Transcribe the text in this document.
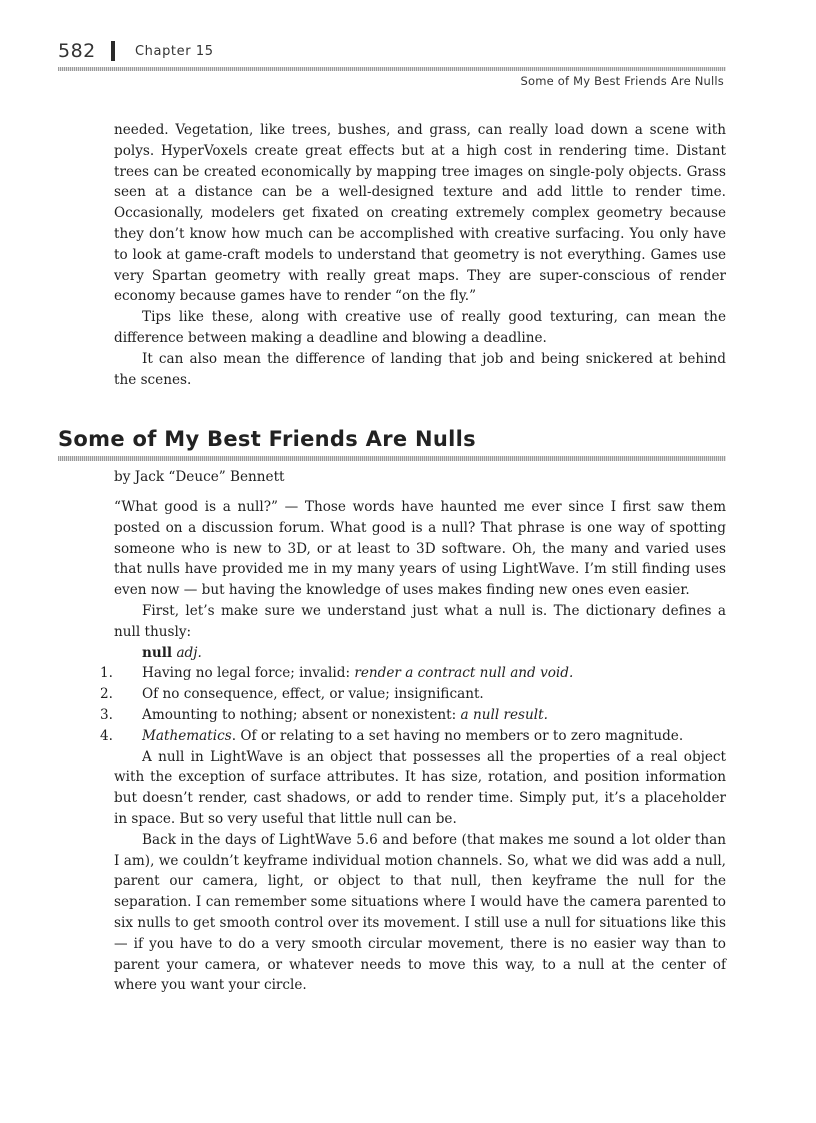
582	Chapter 15
Some of My Best Friends Are Nulls

needed. Vegetation, like trees, bushes, and grass, can really load down a scene with polys. HyperVoxels create great effects but at a high cost in rendering time. Distant trees can be created economically by mapping tree images on single-poly objects. Grass seen at a distance can be a well-designed texture and add little to render time. Occasionally, modelers get fixated on creating extremely complex geometry because they don’t know how much can be accomplished with creative surfacing. You only have to look at game-craft models to understand that geometry is not everything. Games use very Spartan geometry with really great maps. They are super-conscious of render economy because games have to render “on the fly.”

Tips like these, along with creative use of really good texturing, can mean the difference between making a deadline and blowing a deadline.

It can also mean the difference of landing that job and being snickered at behind the scenes.

Some of My Best Friends Are Nulls

by Jack “Deuce” Bennett

“What good is a null?” — Those words have haunted me ever since I first saw them posted on a discussion forum. What good is a null? That phrase is one way of spotting someone who is new to 3D, or at least to 3D software. Oh, the many and varied uses that nulls have provided me in my many years of using LightWave. I’m still finding uses even now — but having the knowledge of uses makes finding new ones even easier.

First, let’s make sure we understand just what a null is. The dictionary defines a null thusly:

null adj.

1.	Having no legal force; invalid: render a contract null and void.
2.	Of no consequence, effect, or value; insignificant.
3.	Amounting to nothing; absent or nonexistent: a null result.
4.	Mathematics. Of or relating to a set having no members or to zero magnitude.

A null in LightWave is an object that possesses all the properties of a real object with the exception of surface attributes. It has size, rotation, and position information but doesn’t render, cast shadows, or add to render time. Simply put, it’s a placeholder in space. But so very useful that little null can be.

Back in the days of LightWave 5.6 and before (that makes me sound a lot older than I am), we couldn’t keyframe individual motion channels. So, what we did was add a null, parent our camera, light, or object to that null, then keyframe the null for the separation. I can remember some situations where I would have the camera parented to six nulls to get smooth control over its movement. I still use a null for situations like this — if you have to do a very smooth circular movement, there is no easier way than to parent your camera, or whatever needs to move this way, to a null at the center of where you want your circle.
